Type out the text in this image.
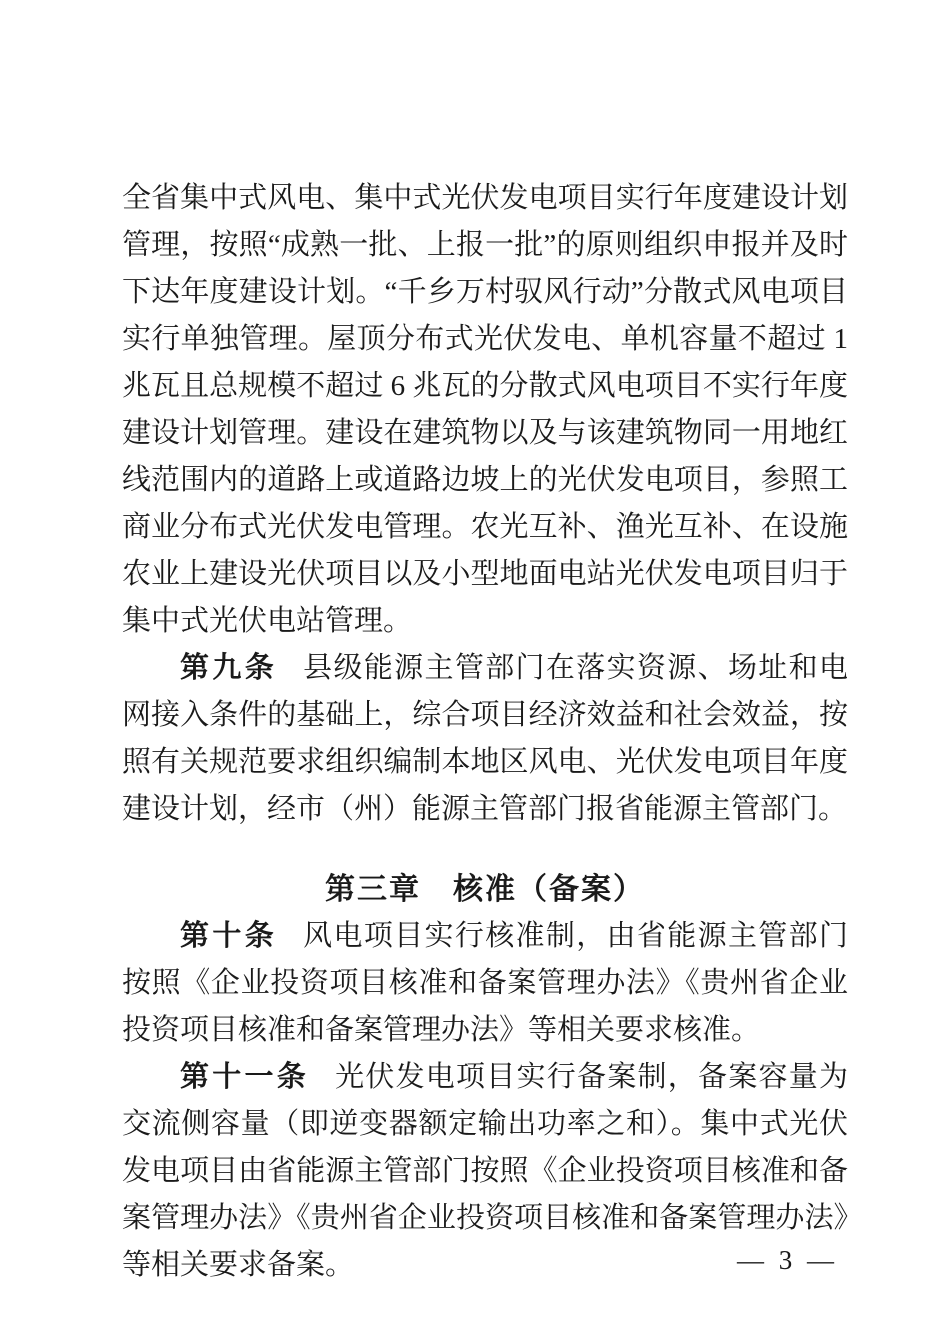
全省集中式风电、集中式光伏发电项目实行年度建设计划管理，按照“成熟一批、上报一批”的原则组织申报并及时下达年度建设计划。“千乡万村驭风行动”分散式风电项目实行单独管理。屋顶分布式光伏发电、单机容量不超过 1 兆瓦且总规模不超过 6 兆瓦的分散式风电项目不实行年度建设计划管理。建设在建筑物以及与该建筑物同一用地红线范围内的道路上或道路边坡上的光伏发电项目，参照工商业分布式光伏发电管理。农光互补、渔光互补、在设施农业上建设光伏项目以及小型地面电站光伏发电项目归于集中式光伏电站管理。

第九条 县级能源主管部门在落实资源、场址和电网接入条件的基础上，综合项目经济效益和社会效益，按照有关规范要求组织编制本地区风电、光伏发电项目年度建设计划，经市（州）能源主管部门报省能源主管部门。

第三章　核准（备案）

第十条 风电项目实行核准制，由省能源主管部门按照《企业投资项目核准和备案管理办法》《贵州省企业投资项目核准和备案管理办法》等相关要求核准。

第十一条 光伏发电项目实行备案制，备案容量为交流侧容量（即逆变器额定输出功率之和）。集中式光伏发电项目由省能源主管部门按照《企业投资项目核准和备案管理办法》《贵州省企业投资项目核准和备案管理办法》等相关要求备案。	— 3 —
